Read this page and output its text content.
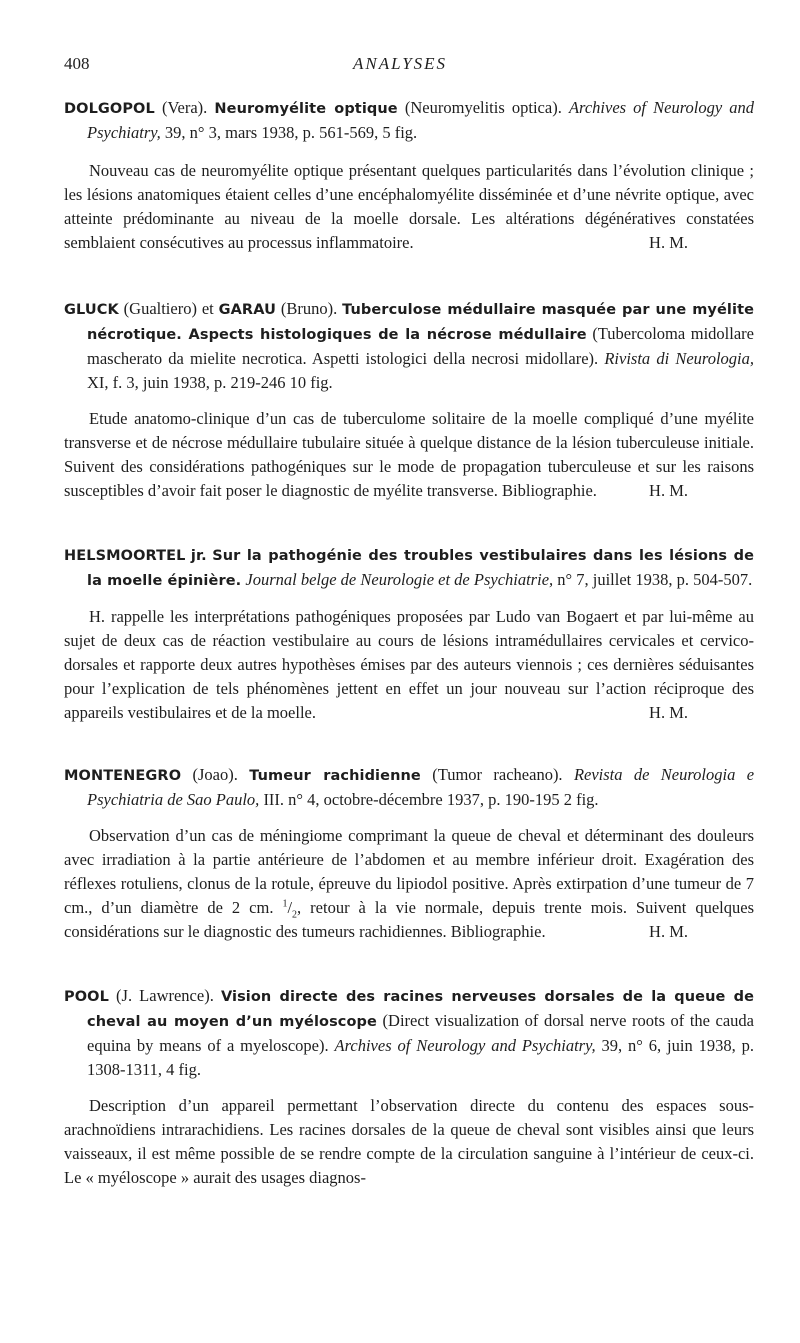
408	ANALYSES

DOLGOPOL (Vera). Neuromyélite optique (Neuromyelitis optica). Archives of Neurology and Psychiatry, 39, n° 3, mars 1938, p. 561-569, 5 fig.

Nouveau cas de neuromyélite optique présentant quelques particularités dans l’évolution clinique ; les lésions anatomiques étaient celles d’une encéphalomyélite disséminée et d’une névrite optique, avec atteinte prédominante au niveau de la moelle dorsale. Les altérations dégénératives constatées semblaient consécutives au processus inflammatoire.	H. M.

GLUCK (Gualtiero) et GARAU (Bruno). Tuberculose médullaire masquée par une myélite nécrotique. Aspects histologiques de la nécrose médullaire (Tubercoloma midollare mascherato da mielite necrotica. Aspetti istologici della necrosi midollare). Rivista di Neurologia, XI, f. 3, juin 1938, p. 219-246 10 fig.

Etude anatomo-clinique d’un cas de tuberculome solitaire de la moelle compliqué d’une myélite transverse et de nécrose médullaire tubulaire située à quelque distance de la lésion tuberculeuse initiale. Suivent des considérations pathogéniques sur le mode de propagation tuberculeuse et sur les raisons susceptibles d’avoir fait poser le diagnostic de myélite transverse. Bibliographie.	H. M.

HELSMOORTEL jr. Sur la pathogénie des troubles vestibulaires dans les lésions de la moelle épinière. Journal belge de Neurologie et de Psychiatrie, n° 7, juillet 1938, p. 504-507.

H. rappelle les interprétations pathogéniques proposées par Ludo van Bogaert et par lui-même au sujet de deux cas de réaction vestibulaire au cours de lésions intramédullaires cervicales et cervico-dorsales et rapporte deux autres hypothèses émises par des auteurs viennois ; ces dernières séduisantes pour l’explication de tels phénomènes jettent en effet un jour nouveau sur l’action réciproque des appareils vestibulaires et de la moelle.	H. M.

MONTENEGRO (Joao). Tumeur rachidienne (Tumor racheano). Revista de Neurologia e Psychiatria de Sao Paulo, III. n° 4, octobre-décembre 1937, p. 190-195 2 fig.

Observation d’un cas de méningiome comprimant la queue de cheval et déterminant des douleurs avec irradiation à la partie antérieure de l’abdomen et au membre inférieur droit. Exagération des réflexes rotuliens, clonus de la rotule, épreuve du lipiodol positive. Après extirpation d’une tumeur de 7 cm., d’un diamètre de 2 cm. $^1/_2$, retour à la vie normale, depuis trente mois. Suivent quelques considérations sur le diagnostic des tumeurs rachidiennes. Bibliographie.	H. M.

POOL (J. Lawrence). Vision directe des racines nerveuses dorsales de la queue de cheval au moyen d’un myéloscope (Direct visualization of dorsal nerve roots of the cauda equina by means of a myeloscope). Archives of Neurology and Psychiatry, 39, n° 6, juin 1938, p. 1308-1311, 4 fig.

Description d’un appareil permettant l’observation directe du contenu des espaces sous-arachnoïdiens intrarachidiens. Les racines dorsales de la queue de cheval sont visibles ainsi que leurs vaisseaux, il est même possible de se rendre compte de la circulation sanguine à l’intérieur de ceux-ci. Le « myéloscope » aurait des usages diagnos-
